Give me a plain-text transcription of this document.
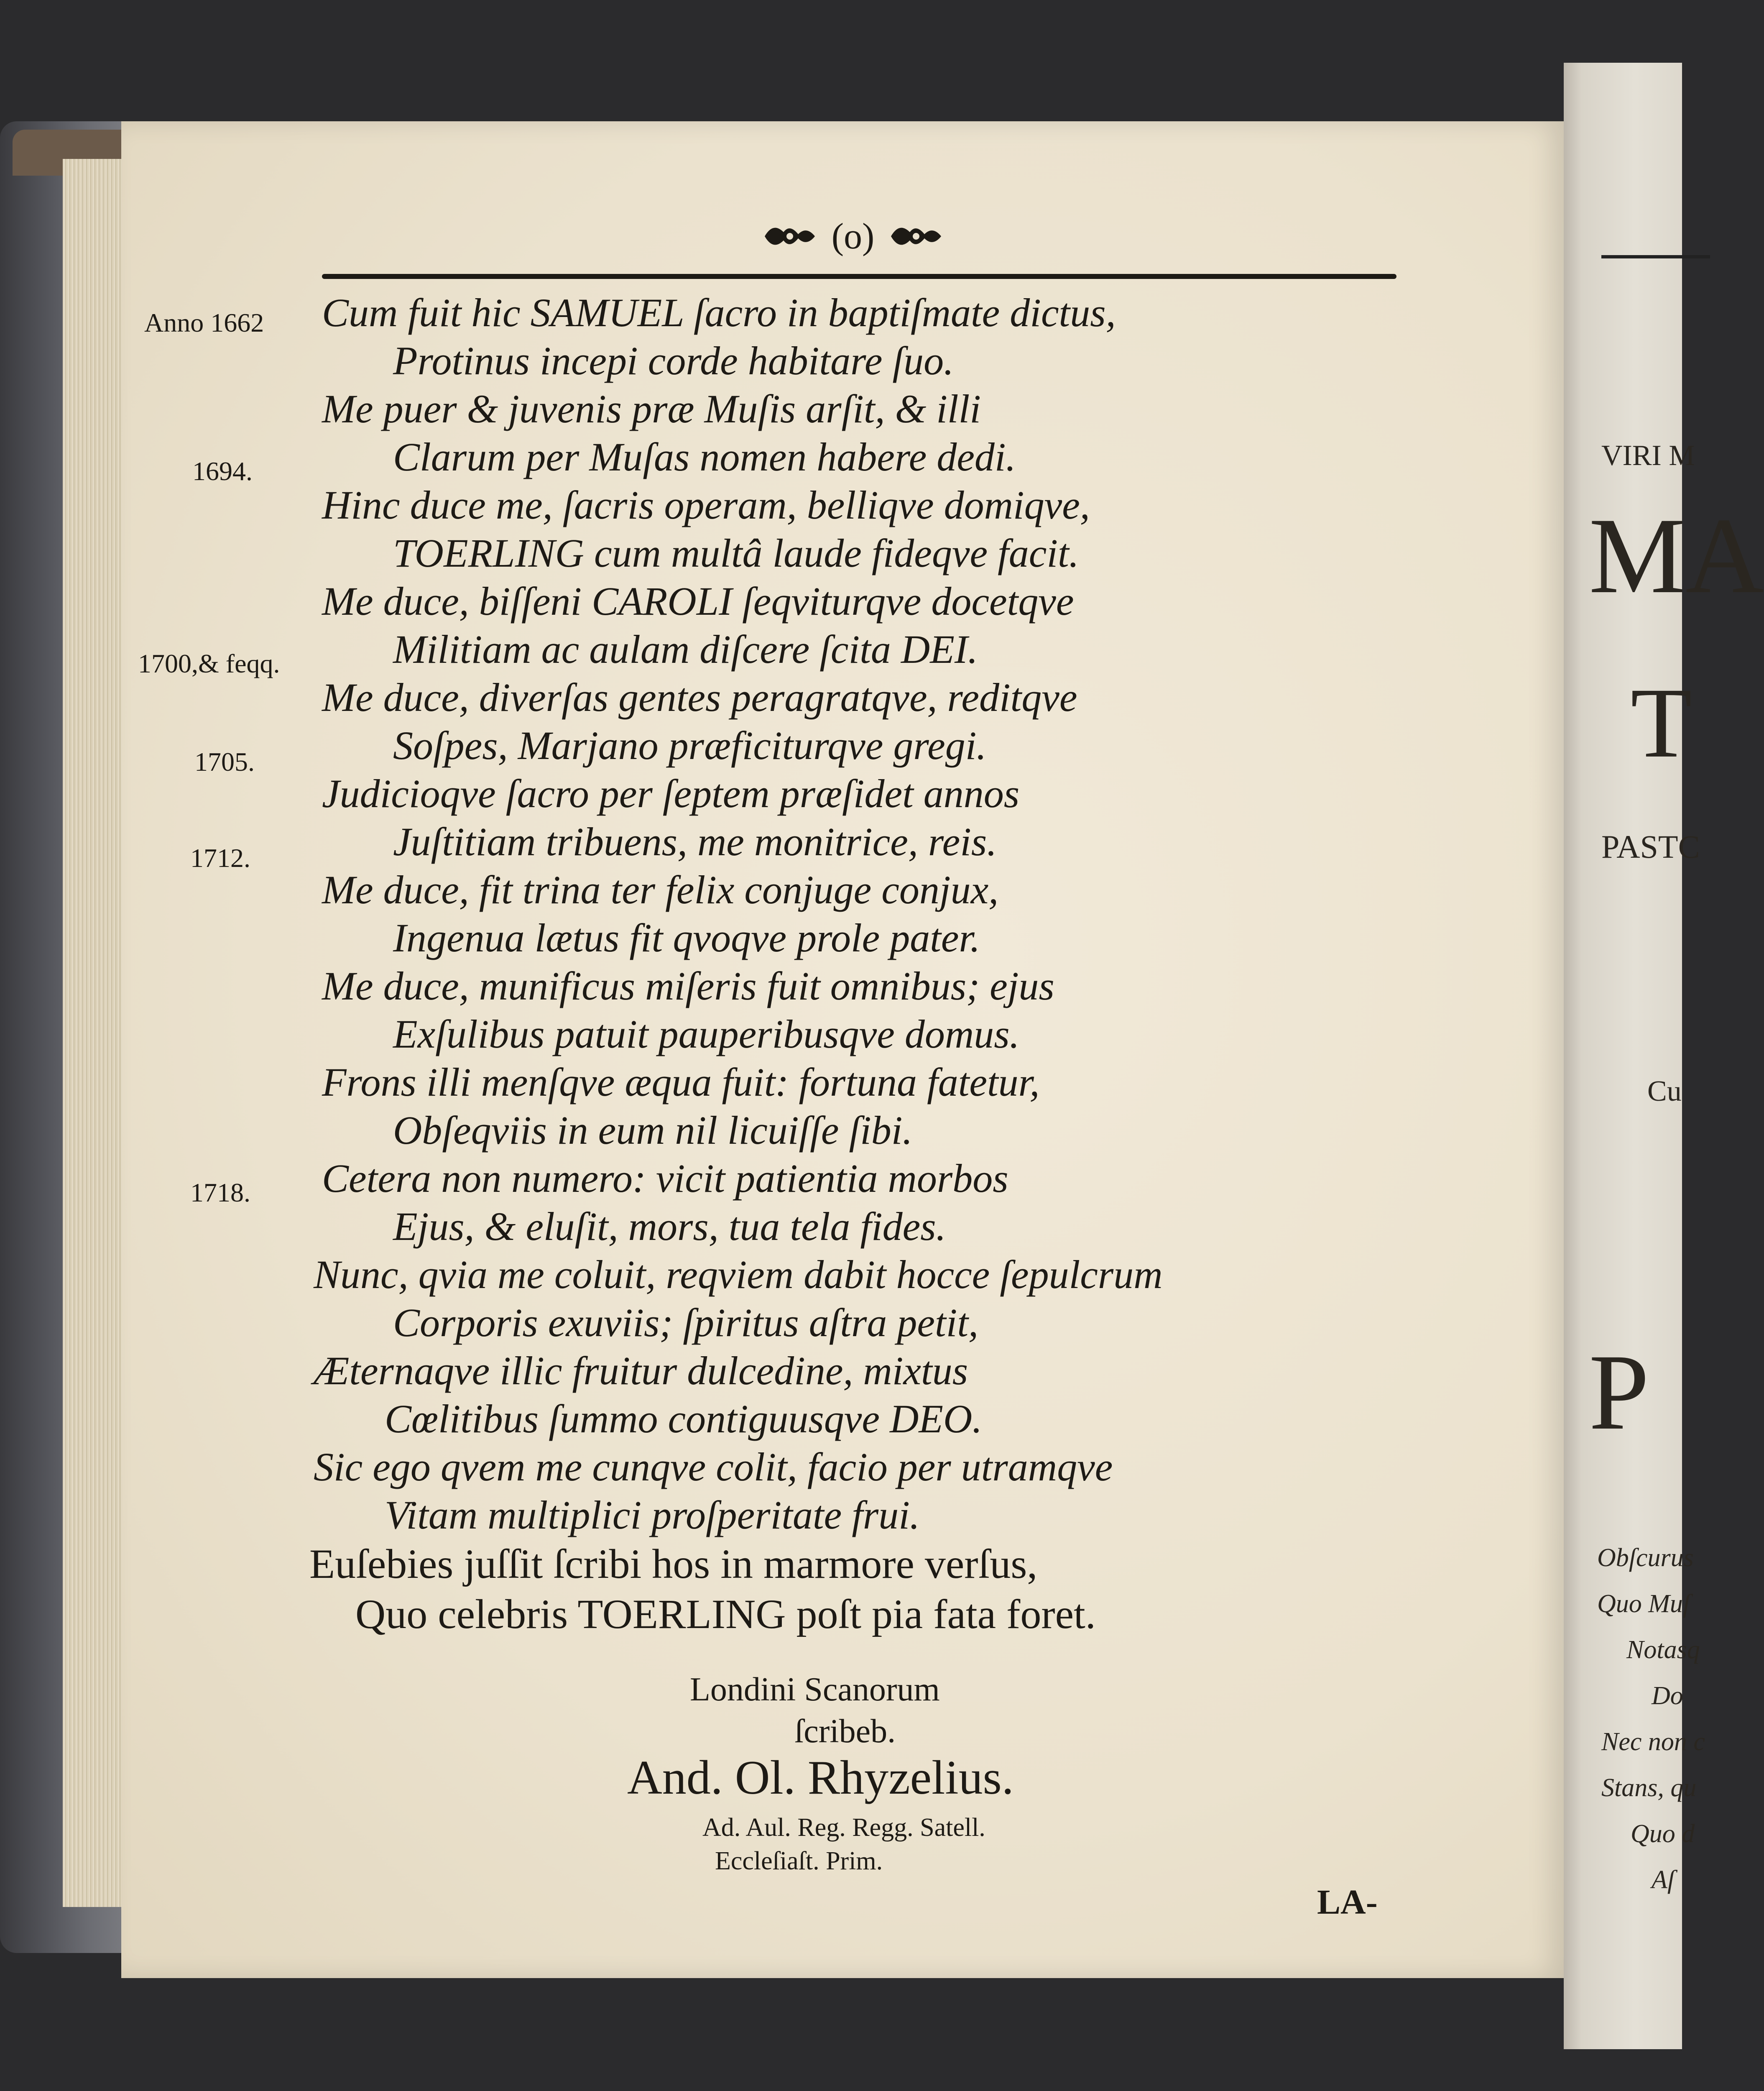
(o)
Anno 1662
1694.
1700,& feqq.
1705.
1712.
1718.
Cum fuit hic SAMUEL ſacro in baptiſmate dictus,
Protinus incepi corde habitare ſuo.
Me puer & juvenis præ Muſis arſit, & illi
Clarum per Muſas nomen habere dedi.
Hinc duce me, ſacris operam, belliqve domiqve,
TOERLING cum multâ laude fideqve facit.
Me duce, biſſeni CAROLI ſeqviturqve docetqve
Militiam ac aulam diſcere ſcita DEI.
Me duce, diverſas gentes peragratqve, reditqve
Soſpes, Marjano præficiturqve gregi.
Judicioqve ſacro per ſeptem præſidet annos
Juſtitiam tribuens, me monitrice, reis.
Me duce, fit trina ter felix conjuge conjux,
Ingenua lætus fit qvoqve prole pater.
Me duce, munificus miſeris fuit omnibus; ejus
Exſulibus patuit pauperibusqve domus.
Frons illi menſqve æqua fuit: fortuna fatetur,
Obſeqviis in eum nil licuiſſe ſibi.
Cetera non numero: vicit patientia morbos
Ejus, & eluſit, mors, tua tela fides.
Nunc, qvia me coluit, reqviem dabit hocce ſepulcrum
Corporis exuviis; ſpiritus aſtra petit,
Æternaqve illic fruitur dulcedine, mixtus
Cœlitibus ſummo contiguusqve DEO.
Sic ego qvem me cunqve colit, facio per utramqve
Vitam multiplici proſperitate frui.
Euſebies juſſit ſcribi hos in marmore verſus,
Quo celebris TOERLING poſt pia fata foret.
Londini Scanorum
ſcribeb.
And. Ol. Rhyzelius.
Ad. Aul. Reg. Regg. Satell.
Eccleſiaſt. Prim.
LA-
VIRI M
MA
T
PASTC
Cu
P
Obſcurus
Quo Muſ
Notasq
Do
Nec non c
Stans, qu
Quo d
Aſ
